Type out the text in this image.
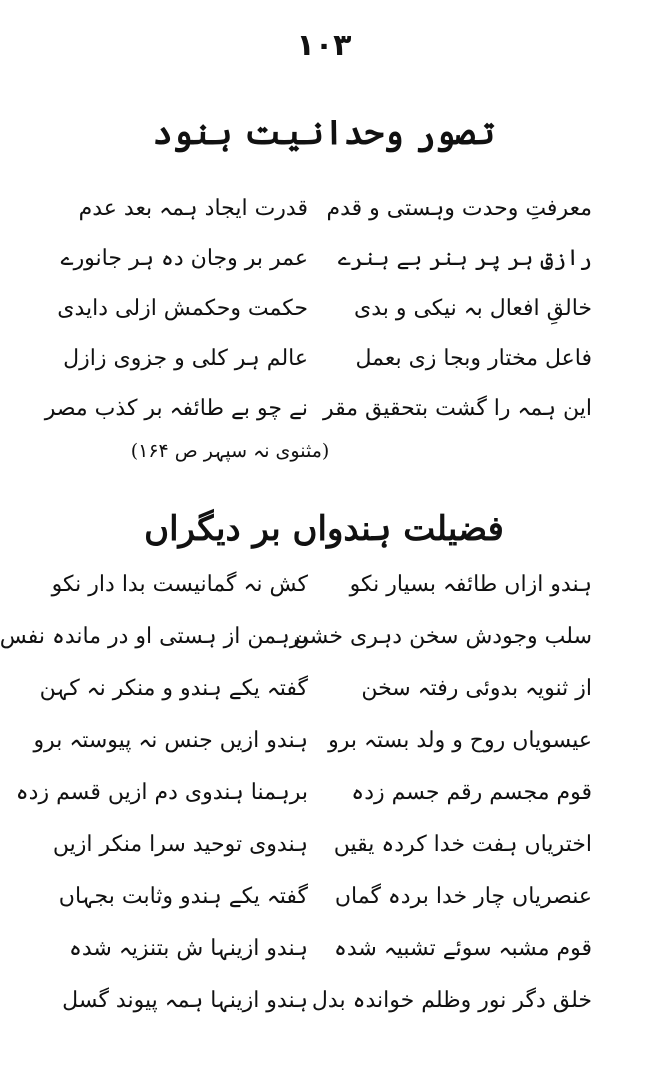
۱۰۳
تصور وحدانیت ہنود
معرفتِ وحدت وہستی و قدم
قدرت ایجاد ہمہ بعد عدم
رازقِ ہر پر ہنر بے ہنرے
عمر بر وجان دہ ہر جانورے
خالقِ افعال بہ نیکی و بدی
حکمت وحکمش ازلی دایدی
فاعل مختار وبجا زی بعمل
عالم ہر کلی و جزوی زازل
این ہمہ را گشت بتحقیق مقر
نے چو بے طائفہ بر کذب مصر
(مثنوی نہ سپہر ص ۱۶۴)
فضیلت ہندواں بر دیگراں
ہندو ازاں طائفہ بسیار نکو
کش نہ گمانیست بدا دار نکو
سلب وجودش سخن دہری خشن
برہمن از ہستی او در ماندہ نفس
از ثنویہ بدوئی رفتہ سخن
گفتہ یکے ہندو و منکر نہ کہن
عیسویاں روح و ولد بستہ برو
ہندو ازیں جنس نہ پیوستہ برو
قوم مجسم رقم جسم زدہ
برہمنا ہندوی دم ازیں قسم زدہ
اختریاں ہفت خدا کردہ یقیں
ہندوی توحید سرا منکر ازیں
عنصریاں چار خدا بردہ گماں
گفتہ یکے ہندو وثابت بجہاں
قوم مشبہ سوئے تشبیہ شدہ
ہندو ازینہا ش بتنزیہ شدہ
خلق دگر نور وظلم خواندہ بدل
ہندو ازینہا ہمہ پیوند گسل
